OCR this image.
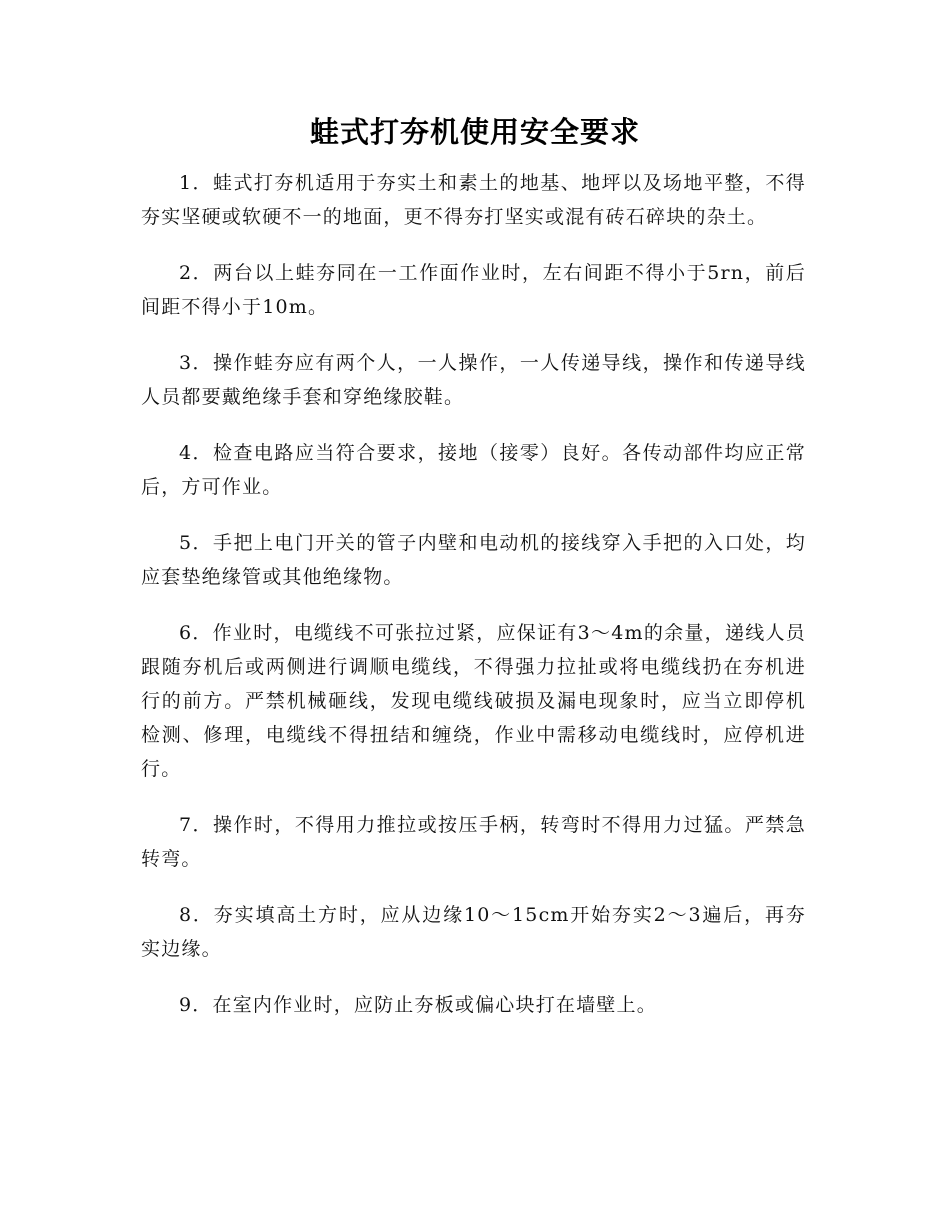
蛙式打夯机使用安全要求

1．蛙式打夯机适用于夯实土和素土的地基、地坪以及场地平整，不得夯实坚硬或软硬不一的地面，更不得夯打坚实或混有砖石碎块的杂土。

2．两台以上蛙夯同在一工作面作业时，左右间距不得小于5rn，前后间距不得小于10m。

3．操作蛙夯应有两个人，一人操作，一人传递导线，操作和传递导线人员都要戴绝缘手套和穿绝缘胶鞋。

4．检查电路应当符合要求，接地（接零）良好。各传动部件均应正常后，方可作业。

5．手把上电门开关的管子内壁和电动机的接线穿入手把的入口处，均应套垫绝缘管或其他绝缘物。

6．作业时，电缆线不可张拉过紧，应保证有3～4m的余量，递线人员跟随夯机后或两侧进行调顺电缆线，不得强力拉扯或将电缆线扔在夯机进行的前方。严禁机械砸线，发现电缆线破损及漏电现象时，应当立即停机检测、修理，电缆线不得扭结和缠绕，作业中需移动电缆线时，应停机进行。

7．操作时，不得用力推拉或按压手柄，转弯时不得用力过猛。严禁急转弯。

8．夯实填高土方时，应从边缘10～15cm开始夯实2～3遍后，再夯实边缘。

9．在室内作业时，应防止夯板或偏心块打在墙壁上。
